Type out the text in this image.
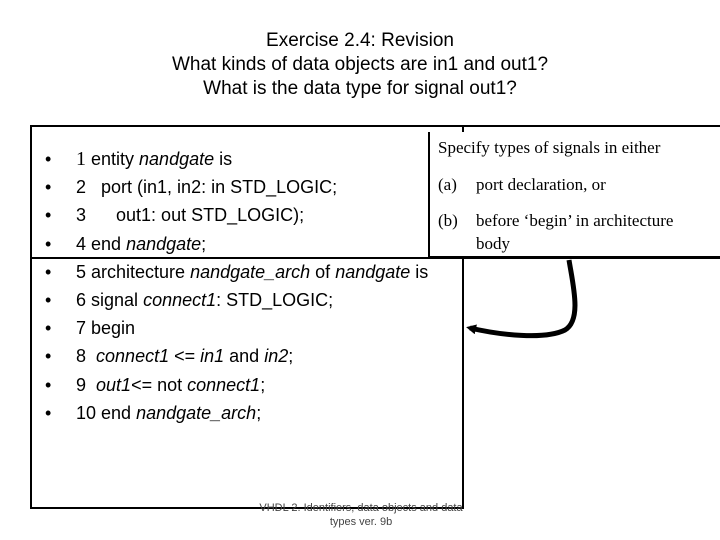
Exercise 2.4: Revision
What kinds of data objects are in1 and out1?
What is the data type for signal out1?
• 1 entity nandgate is
• 2   port (in1, in2: in STD_LOGIC;
• 3      out1: out STD_LOGIC);
• 4 end nandgate;
• 5 architecture nandgate_arch of nandgate is
• 6 signal connect1: STD_LOGIC;
• 7 begin
• 8 connect1 <= in1 and in2;
• 9 out1<= not connect1;
• 10 end nandgate_arch;
Specify types of signals in either
(a) port declaration, or
(b) before ‘begin’ in architecture
body
VHDL 2. Identifiers, data objects and data
types ver. 9b
